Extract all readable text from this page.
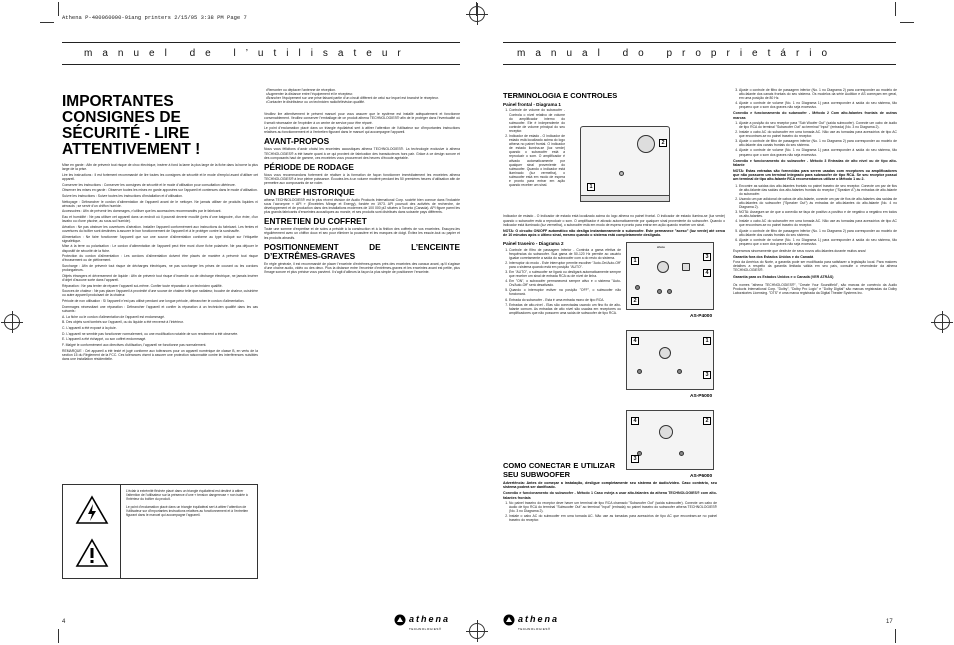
Athena P-400060000-91ang printers 2/15/05 3:38 PM Page 7
manuel de l’utilisateur
IMPORTANTES CONSIGNES DE SÉCURITÉ - LIRE ATTENTIVEMENT !

Mise en garde : Afin de prévenir tout risque de choc électrique, insérer à fond la lame la plus large de la fiche dans la borne la plus large de la prise.

Lire les instructions : Il est fortement recommandé de lire toutes les consignes de sécurité et le mode d’emploi avant d’utiliser cet appareil.

Conserver les instructions : Conserver les consignes de sécurité et le mode d’utilisation pour consultation ultérieure.

Observer les mises en garde : Observer toutes les mises en garde apposées sur l’appareil et contenues dans le mode d’utilisation.

Suivre les instructions : Suivre toutes les instructions d’installation et d’utilisation.

Nettoyage : Débrancher le cordon d’alimentation de l’appareil avant de le nettoyer. Ne jamais utiliser de produits liquides ni aérosols ; se servir d’un chiffon humide.

Accessoires : Afin de prévenir les dommages, n’utiliser que les accessoires recommandés par le fabricant.

Eau et humidité : Ne pas utiliser cet appareil dans un endroit où il pourrait devenir mouillé (près d’une baignoire, d’un évier, d’un lavabo ou d’une piscine, au sous-sol humide).

Aération : Ne pas obstruer les ouvertures d’aération. Installer l’appareil conformément aux instructions du fabricant. Les fentes et ouvertures du boîtier sont destinées à assurer le bon fonctionnement de l’appareil et à le protéger contre la surchauffe.

Alimentation : Ne faire fonctionner l’appareil que sur une source d’alimentation conforme au type indiqué sur l’étiquette signalétique.

Mise à la terre ou polarisation : Le cordon d’alimentation de l’appareil peut être muni d’une fiche polarisée. Ne pas déjouer le dispositif de sécurité de la fiche.

Protection du cordon d’alimentation : Les cordons d’alimentation doivent être placés de manière à prévenir tout risque d’écrasement ou de piétinement.

Surcharge : Afin de prévenir tout risque de décharges électriques, ne pas surcharger les prises de courant ou les cordons prolongateurs.

Objets étrangers et déversement de liquide : Afin de prévenir tout risque d’incendie ou de décharge électrique, ne jamais insérer d’objet d’aucune sorte dans l’appareil.

Réparation : Ne pas tenter de réparer l’appareil soi-même. Confier toute réparation à un technicien qualifié.

Sources de chaleur : Ne pas placer l’appareil à proximité d’une source de chaleur telle que radiateur, bouche de chaleur, cuisinière ou autre appareil produisant de la chaleur.

Période de non utilisation : Si l’appareil n’est pas utilisé pendant une longue période, débrancher le cordon d’alimentation.

Dommages nécessitant une réparation : Débrancher l’appareil et confier la réparation à un technicien qualifié dans les cas suivants :

A. La fiche ou le cordon d’alimentation de l’appareil est endommagé.

B. Des objets sont tombés sur l’appareil, ou du liquide a été renversé à l’intérieur.

C. L’appareil a été exposé à la pluie.

D. L’appareil ne semble pas fonctionner normalement, ou une modification notable de son rendement a été observée.

E. L’appareil a été échappé, ou son coffret endommagé.

F. Malgré le conformément aux directives d’utilisation, l’appareil ne fonctionne pas normalement.

REMARQUE : Cet appareil a été testé et jugé conforme aux tolérances pour un appareil numérique de classe B, en vertu de la section 15 du Règlement de la FCC. Ces tolérances visent à assurer une protection raisonnable contre les interférences nuisibles dans une installation résidentielle.

L’éclair à extrémité fléchée placé dans un triangle équilatéral est destiné à attirer l’attention de l’utilisateur sur la présence d’une « tension dangereuse » non isolée à l’intérieur du boîtier du produit.

Le point d’exclamation placé dans un triangle équilatéral sert à attirer l’attention de l’utilisateur sur d’importantes instructions relatives au fonctionnement et à l’entretien figurant dans le manuel qui accompagne l’appareil.

• Remonter ou déplacer l’antenne de réception.
• Augmenter la distance entre l’équipement et le récepteur.
• Brancher l’équipement sur une prise faisant partie d’un circuit différent de celui sur lequel est branché le récepteur.
• Contacter le distributeur ou un technicien radio/télévision qualifié.

Veuillez lire attentivement le présent manuel pour vous assurer que le système est installé adéquatement et fonctionne convenablement. Veuillez conserver l’emballage de ce produit athena TECHNOLOGIES® afin de le protéger dans l’éventualité où il serait nécessaire de l’expédier à un centre de service pour être réparé.

Le point d’exclamation placé dans un triangle équilatéral sert à attirer l’attention de l’utilisateur sur d’importantes instructions relatives au fonctionnement et à l’entretien figurant dans le manuel qui accompagne l’appareil.

AVANT-PROPOS

Nous vous félicitons d’avoir choisi les enceintes acoustiques athena TECHNOLOGIES®. La technologie exclusive à athena TECHNOLOGIES® a été basée quant à ce qui provient de fabrication des transducteurs hors pair. Grâce à ce design sonore et des composants haut de gamme, ces enceintes vous procureront des heures d’écoute agréable.

PÉRIODE DE RODAGE

Nous vous recommandons fortement de réaliser à la formation de façon fonctionner immédiatement les enceintes athena TECHNOLOGIES® à leur pleine puissance. Écoutez-les à un volume modéré pendant les 50 premières heures d’utilisation afin de permettre aux composants de se roder.

UN BREF HISTORIQUE

athena TECHNOLOGIES® est le plus récent division de Audio Products International Corp. société bien connue dans l’industrie sous l’acronyme « API » (Enceintes Mirage et Energy), fondée en 1973. API poursuit des activités de recherche, de développement et de production dans des installations modernes de 100 000 pi2 situées à Toronto (Canada). API figure parmi les plus grands fabricants d’enceintes acoustiques au monde, et ses produits sont distribués dans soixante pays différents.

ENTRETIEN DU COFFRET

Toute une somme d’expertise et de soins a présidé à la construction et à la finition des coffrets de vos enceintes. Essuyez-les régulièrement avec un chiffon doux et sec pour éliminer la poussière et les marques de doigt. Évitez les essuie-tout ou papier et les produits abrasifs.

POSITIONNEMENT DE L’ENCEINTE D’EXTRÊMES-GRAVES

En règle générale, il est recommandé de placer l’enceinte d’extrêmes-graves près des enceintes des canaux avant, qu’il s’agisse d’une chaîne audio, vidéo ou des deux. Plus la distance entre l’enceinte d’extrêmes-graves et les enceintes avant est petite, plus l’image sonore et plus précise vous parvient. Il s’agit d’ailleurs la façon la plus simple de positionner l’enceinte.

4	athena
TECHNOLOGIES®
manual do proprietário
TERMINOLOGIA E CONTROLES
Painel frontal - Diagrama 1
1. Controle de volume do subwoofer - Controla o nível relativo de volume do amplificador interno do subwoofer. Ele é independente do controle de volume principal do seu receptor.
2. Indicador de estado - O indicador de estado está localizado acima do logo athena no painel frontal. O indicador de estado ilumina-se (luz verde) quando o subwoofer está a reproduzir o som. O amplificador é ativado automaticamente por qualquer sinal proveniente do subwoofer. Quando o indicador está iluminado (luz vermelha), o subwoofer está em modo de espera e pronto para entrar em ação quando receber um sinal.

Indicador de estado - O indicador de estado está localizado acima do logo athena no painel frontal. O indicador de estado ilumina-se (luz verde) quando o subwoofer está a reproduzir o som. O amplificador é ativado automaticamente por qualquer sinal proveniente do subwoofer. Quando o indicador está iluminado (luz vermelha), o subwoofer está em modo de espera e pronto para entrar em ação quando receber um sinal.

NOTA: O circuito ON/OFF automático não desliga instantaneamente o subwoofer. Este permanece "aceso" (luz verde) até cerca de 10 minutos após o último sinal, mesmo quando o sistema está completamente desligado.
Painel traseiro - Diagrama 2
1. Controle de filtro de passagem inferior - Controla a gama efetiva de frequências do subwoofer. Sua gama de 50-120 Hz permite ao usuário igualar corretamente a saída do subwoofer com a do resto do sistema.
2. Interruptor do modo - Este interruptor permite escolher "Auto-On/Auto-Off" para o sistema quando está em posição "AUTO".
3. Em "AUTO", o subwoofer se ligará ou desligará automaticamente sempre que receber um sinal de entrada RCA ou de nível de linha.
4. Em "ON", o subwoofer permanecerá sempre ativo e o sistema "Auto-On/Auto-Off" será desativado.
5. Quando o interruptor estiver na posição "OFF", o subwoofer não funcionará.
6. Entrada do subwoofer - Esta é uma entrada mono de tipo RCA.
7. Entradas de alto-nível - Elas são conectadas usando um fino fio de alto-falante comum. As entradas de alto nível são usadas em receptores ou amplificadores que não possuem uma saída de subwoofer de tipo RCA.
2
1
athena
1
3
2
4
AS-P4000
4	1
3
AS-P5000
4	2
3
AS-P6000
COMO CONECTAR E UTILIZAR SEU SUBWOOFER
Advertência: Antes de começar a instalação, desligue completamente seu sistema de áudio/vídeo. Caso contrário, seu sistema poderá ser danificado.
Conexão e funcionamento do subwoofer - Método 1 Caso esteja a usar alto-falantes da athena TECHNOLOGIES® com alto-falantes frontais
1. No painel traseiro do receptor deve haver um terminal de tipo RCA chamado "Subwoofer Out" (saída subwoofer). Conecte um cabo de áudio de tipo RCA do terminal "Subwoofer Out" ao terminal "Input" (entrada) no painel traseiro do subwoofer athena TECHNOLOGIES® (No. 3 no Diagrama 2).
2. Instale o cabo AC do subwoofer em uma tomada AC. Não use as tomadas para acessórios de tipo AC que encontram-se no painel traseiro do receptor.
3. Ajuste o controle de filtro de passagem inferior (No. 1 no Diagrama 2) para corresponder ao modelo de alto-falante dos canais frontais do seu sistema. Os modelos da série Audition e AS começam em geral, em uma posição de 80 Hz.
4. Ajuste o controle de volume (No. 1 no Diagrama 1) para corresponder à saída do seu sistema, tão pequeno que o som dos graves não seja excessivo.
Conexão e funcionamento do subwoofer - Método 2 Com alto-falantes frontais de outras marcas
1. Ajuste a posição do seu receptor para "Sub Woofer Out" (saída subwoofer). Conecte um cabo de áudio de tipo RCA do terminal "Subwoofer Out" ao terminal "Input" (entrada) (No. 3 no Diagrama 2).
2. Instale o cabo AC do subwoofer em uma tomada AC. Não use as tomadas para acessórios de tipo AC que encontram-se no painel traseiro do receptor.
3. Ajuste o controle de filtro de passagem inferior (No. 1 no Diagrama 2) para corresponder ao modelo de alto-falante dos canais frontais do seu sistema.
4. Ajuste o controle de volume (No. 1 no Diagrama 1) para corresponder à saída do seu sistema, tão pequeno que o som dos graves não seja excessivo.
Conexão e funcionamento do subwoofer - Método 3 Entradas de alto nível ou de tipo alto-falante
NOTA: Estas entradas são fornecidas para serem usadas com receptores ou amplificadores que não possuem um terminal integrado para subwoofer de tipo RCA. Se seu receptor possui um terminal de tipo alto-falante RCA recomendamos utilizar o Método 1 ou 2.
1. Encontre as saídas dos alto-falantes frontais no painel traseiro de seu receptor. Conecte um par de fios de alto-falante das saídas dos alto-falantes frontais do receptor ("Speaker A") às entradas de alto-falante do subwoofer.
2. Usando um par adicional de cabos de alto-falante, conecte um par de fios de alto-falantes das saídas de alto-falantes do subwoofer ("Speaker Out") às entradas de alto-falantes do alto-falante (No. 4 no Diagrama 2).
3. NOTA: Assegure-se de que a conexão se faça de positivo a positivo e de negativo a negativo em todos os alto-falantes.
4. Instale o cabo AC do subwoofer em uma tomada AC. Não use as tomadas para acessórios de tipo AC que encontram-se no painel traseiro do receptor.
5. Ajuste o controle de filtro de passagem inferior (No. 1 no Diagrama 2) para corresponder ao modelo de alto-falante dos canais frontais do seu sistema.
6. Ajuste o controle de volume (No. 1 no Diagrama 1) para corresponder à saída do seu sistema, tão pequeno que o som dos graves não seja excessivo.

Esperamos sinceramente que desfrute de seus novos alto-falantes durante muitos anos!

Garantia fora dos Estados Unidos e do Canadá

Fora da América do Norte, a garantia pode ser modificada para satisfazer a legislação local. Para maiores detalhes a respeito da garantia limitada válida em seu país, consulte o revendedor da athena TECHNOLOGIES®.

Garantia para os Estados Unidos e o Canadá (VER ATRÁS)

Os nomes "athena TECHNOLOGIES®", "Create Your Soundfield", são marcas de comércio da Audio Products International Corp. "Dolby", "Dolby Pro Logic" e "Dolby Digital" são marcas registradas da Dolby Laboratories Licensing. "DTS" é uma marca registrada da Digital Theater Systems Inc.

athena
TECHNOLOGIES®
17
